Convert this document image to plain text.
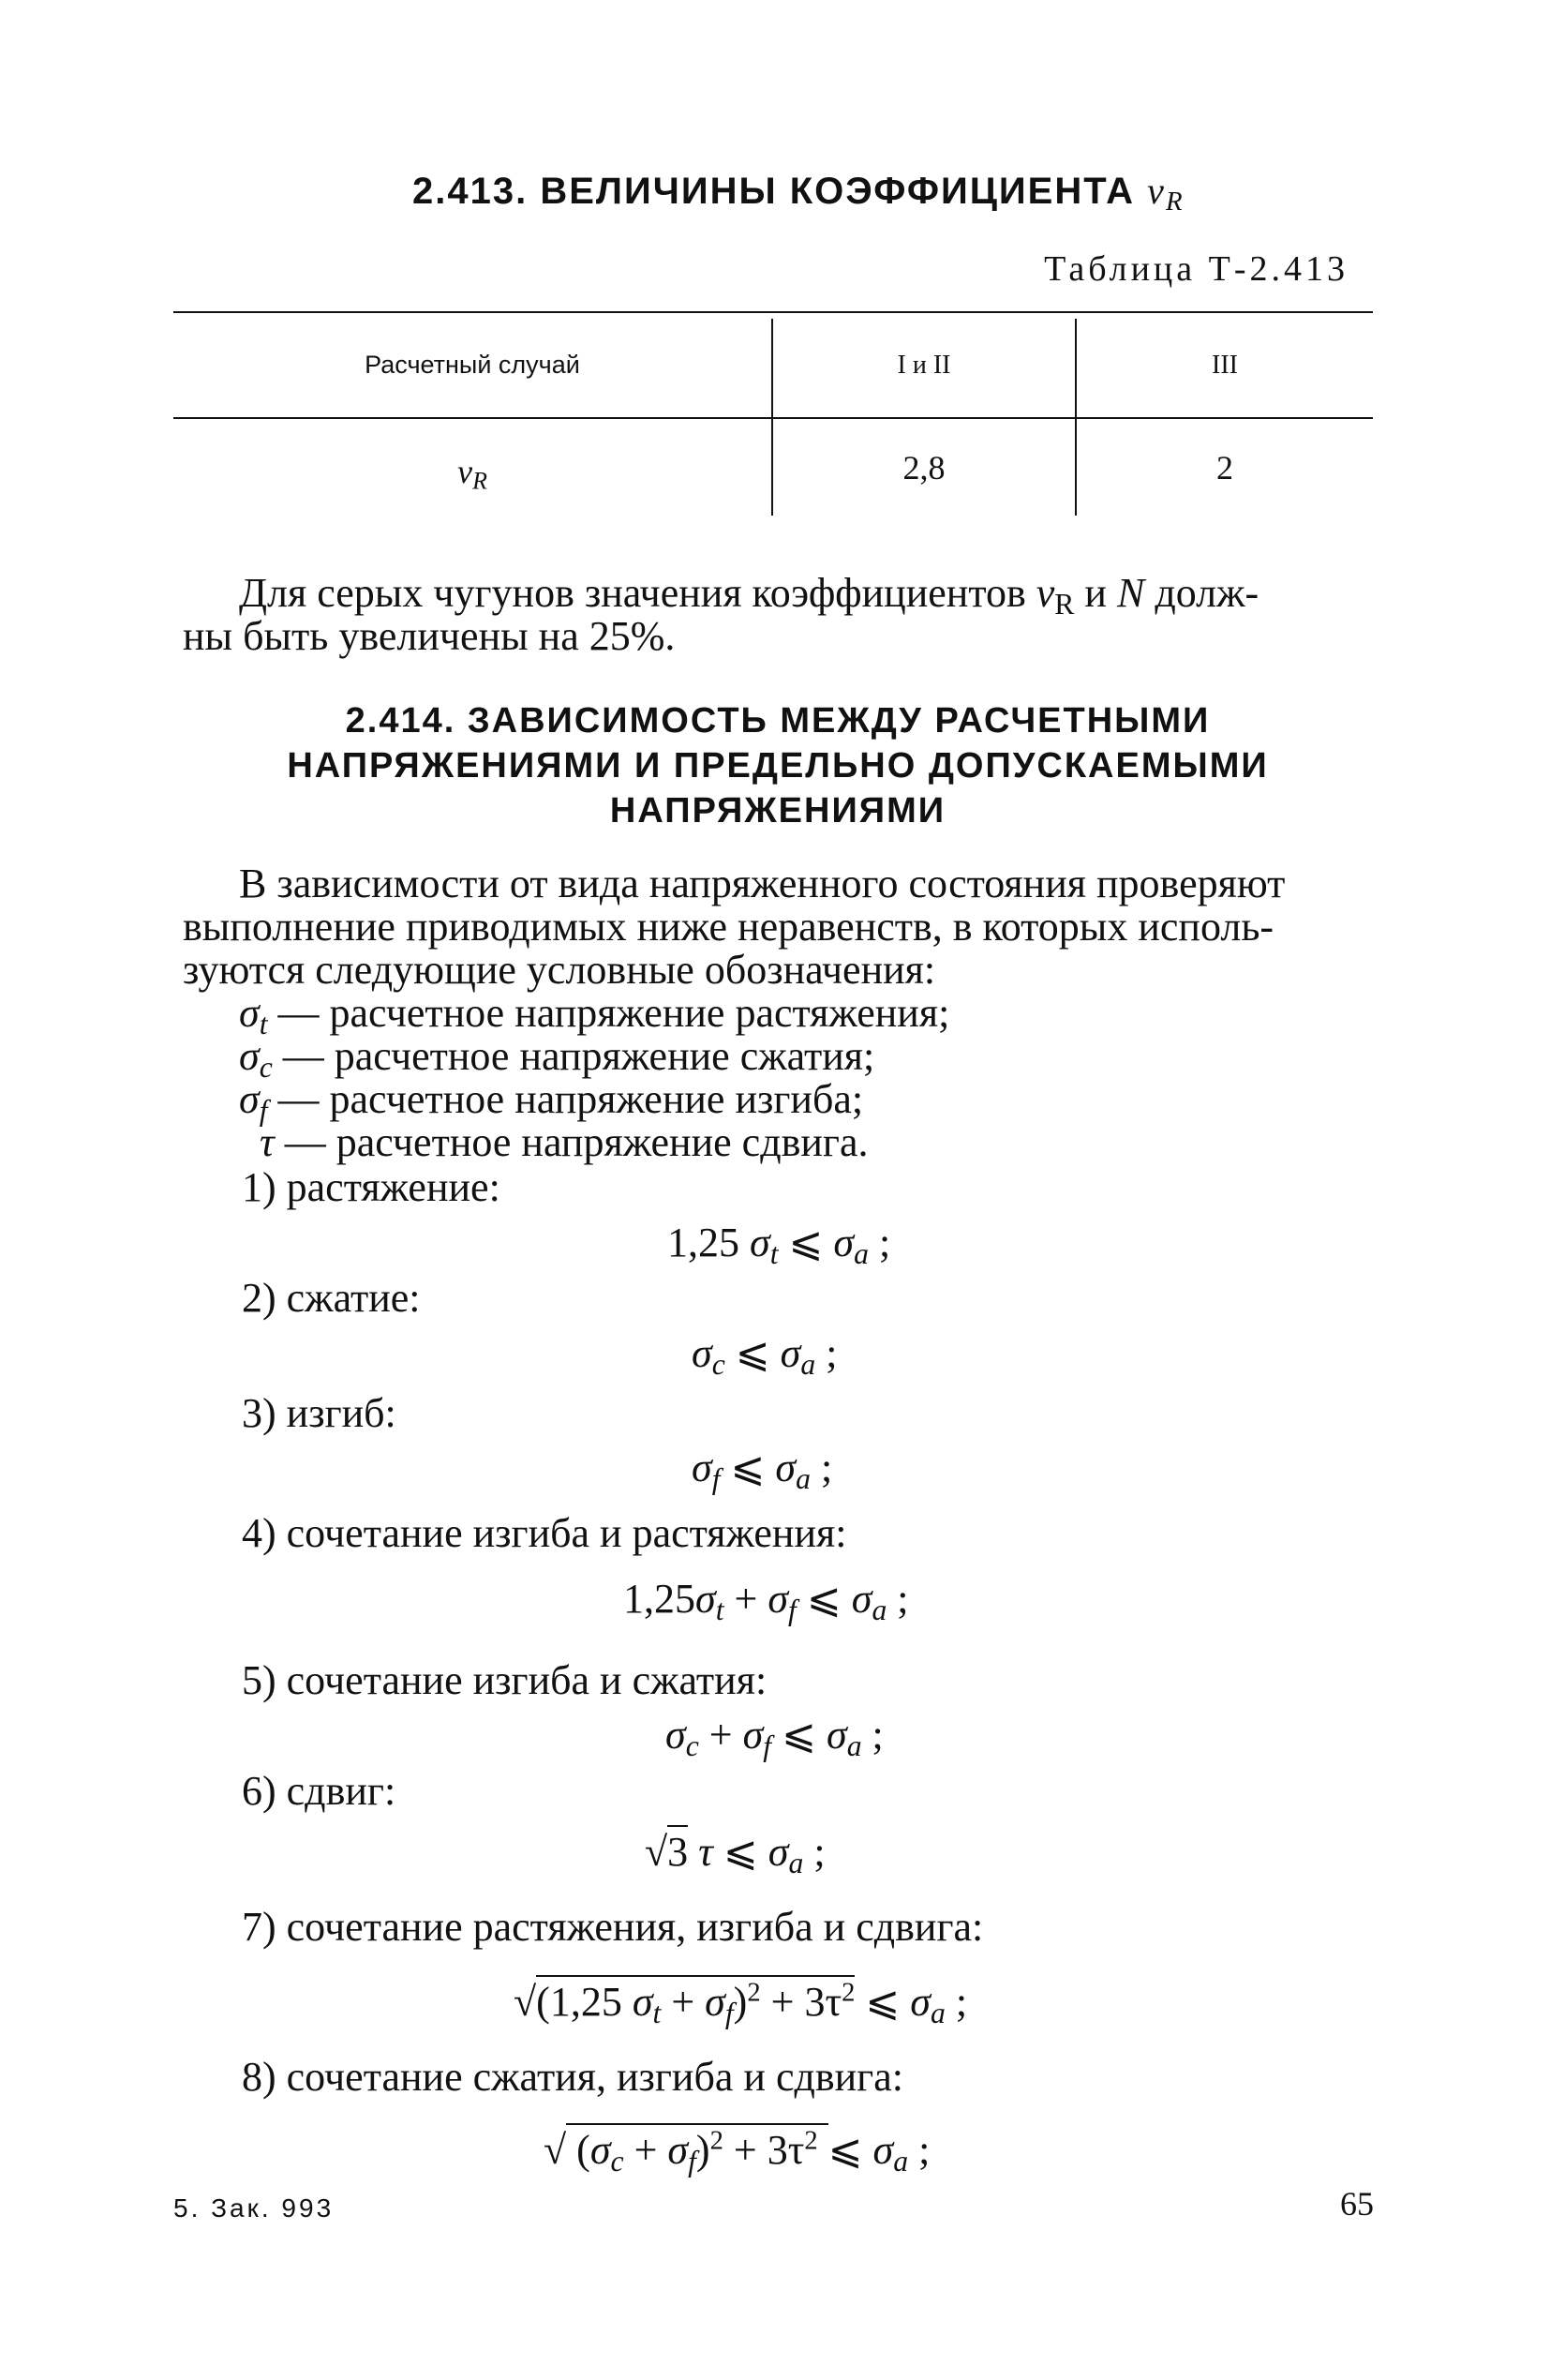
2.413. ВЕЛИЧИНЫ КОЭФФИЦИЕНТА $\nu_R$
Таблица Т-2.413
Расчетный случай	I и II	III
$\nu_R$	2,8	2
Для серых чугунов значения коэффициентов $\nu_R$ и N долж-
ны быть увеличены на 25%.
2.414. ЗАВИСИМОСТЬ МЕЖДУ РАСЧЕТНЫМИ
НАПРЯЖЕНИЯМИ И ПРЕДЕЛЬНО ДОПУСКАЕМЫМИ
НАПРЯЖЕНИЯМИ
В зависимости от вида напряженного состояния проверяют
выполнение приводимых ниже неравенств, в которых исполь-
зуются следующие условные обозначения:
$\sigma_t$ — расчетное напряжение растяжения;
$\sigma_c$ — расчетное напряжение сжатия;
$\sigma_f$ — расчетное напряжение изгиба;
τ — расчетное напряжение сдвига.
1) растяжение:
2) сжатие:
3) изгиб:
4) сочетание изгиба и растяжения:
5) сочетание изгиба и сжатия:
6) сдвиг:
7) сочетание растяжения, изгиба и сдвига:
8) сочетание сжатия, изгиба и сдвига:
1,25 $\sigma_t$ ⩽ $\sigma_a$ ;
$\sigma_c$ ⩽ $\sigma_a$ ;
$\sigma_f$ ⩽ $\sigma_a$ ;
$1,25\sigma_t + \sigma_f$ ⩽ $\sigma_a$ ;
$\sigma_c + \sigma_f$ ⩽ $\sigma_a$ ;
√3 τ ⩽ $\sigma_a$ ;
√(1,25 $\sigma_t + \sigma_f)^2 + 3\tau^2$ ⩽ $\sigma_a$ ;
√ $(\sigma_c + \sigma_f)^2 + 3\tau^2$ ⩽ $\sigma_a$ ;
5. Зак. 993	65
